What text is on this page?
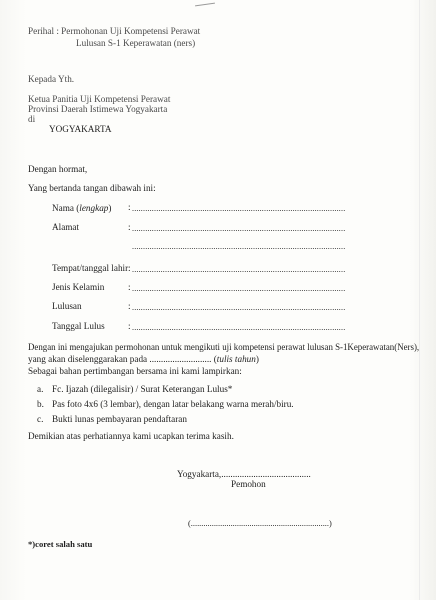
Perihal : Permohonan Uji Kompetensi Perawat
Lulusan S-1 Keperawatan (ners)
Kepada Yth.
Ketua Panitia Uji Kompetensi Perawat
Provinsi Daerah Istimewa Yogyakarta
di
YOGYAKARTA
Dengan hormat,
Yang bertanda tangan dibawah ini:
Nama (lengkap) : .................................................................................................
Alamat	: .................................................................................................
.................................................................................................
Tempat/tanggal lahir : .................................................................................................
Jenis Kelamin	: .................................................................................................
Lulusan	: .................................................................................................
Tanggal Lulus	: .................................................................................................
Dengan ini mengajukan permohonan untuk mengikuti uji kompetensi perawat lulusan S-1Keperawatan(Ners),
yang akan diselenggarakan pada ........................... (tulis tahun)
Sebagai bahan pertimbangan bersama ini kami lampirkan:
a. Fc. Ijazah (dilegalisir) / Surat Keterangan Lulus*
b. Pas foto 4x6 (3 lembar), dengan latar belakang warna merah/biru.
c. Bukti lunas pembayaran pendaftaran
Demikian atas perhatiannya kami ucapkan terima kasih.
Yogyakarta,.......................................
Pemohon
(..................................................................)
*)coret salah satu
